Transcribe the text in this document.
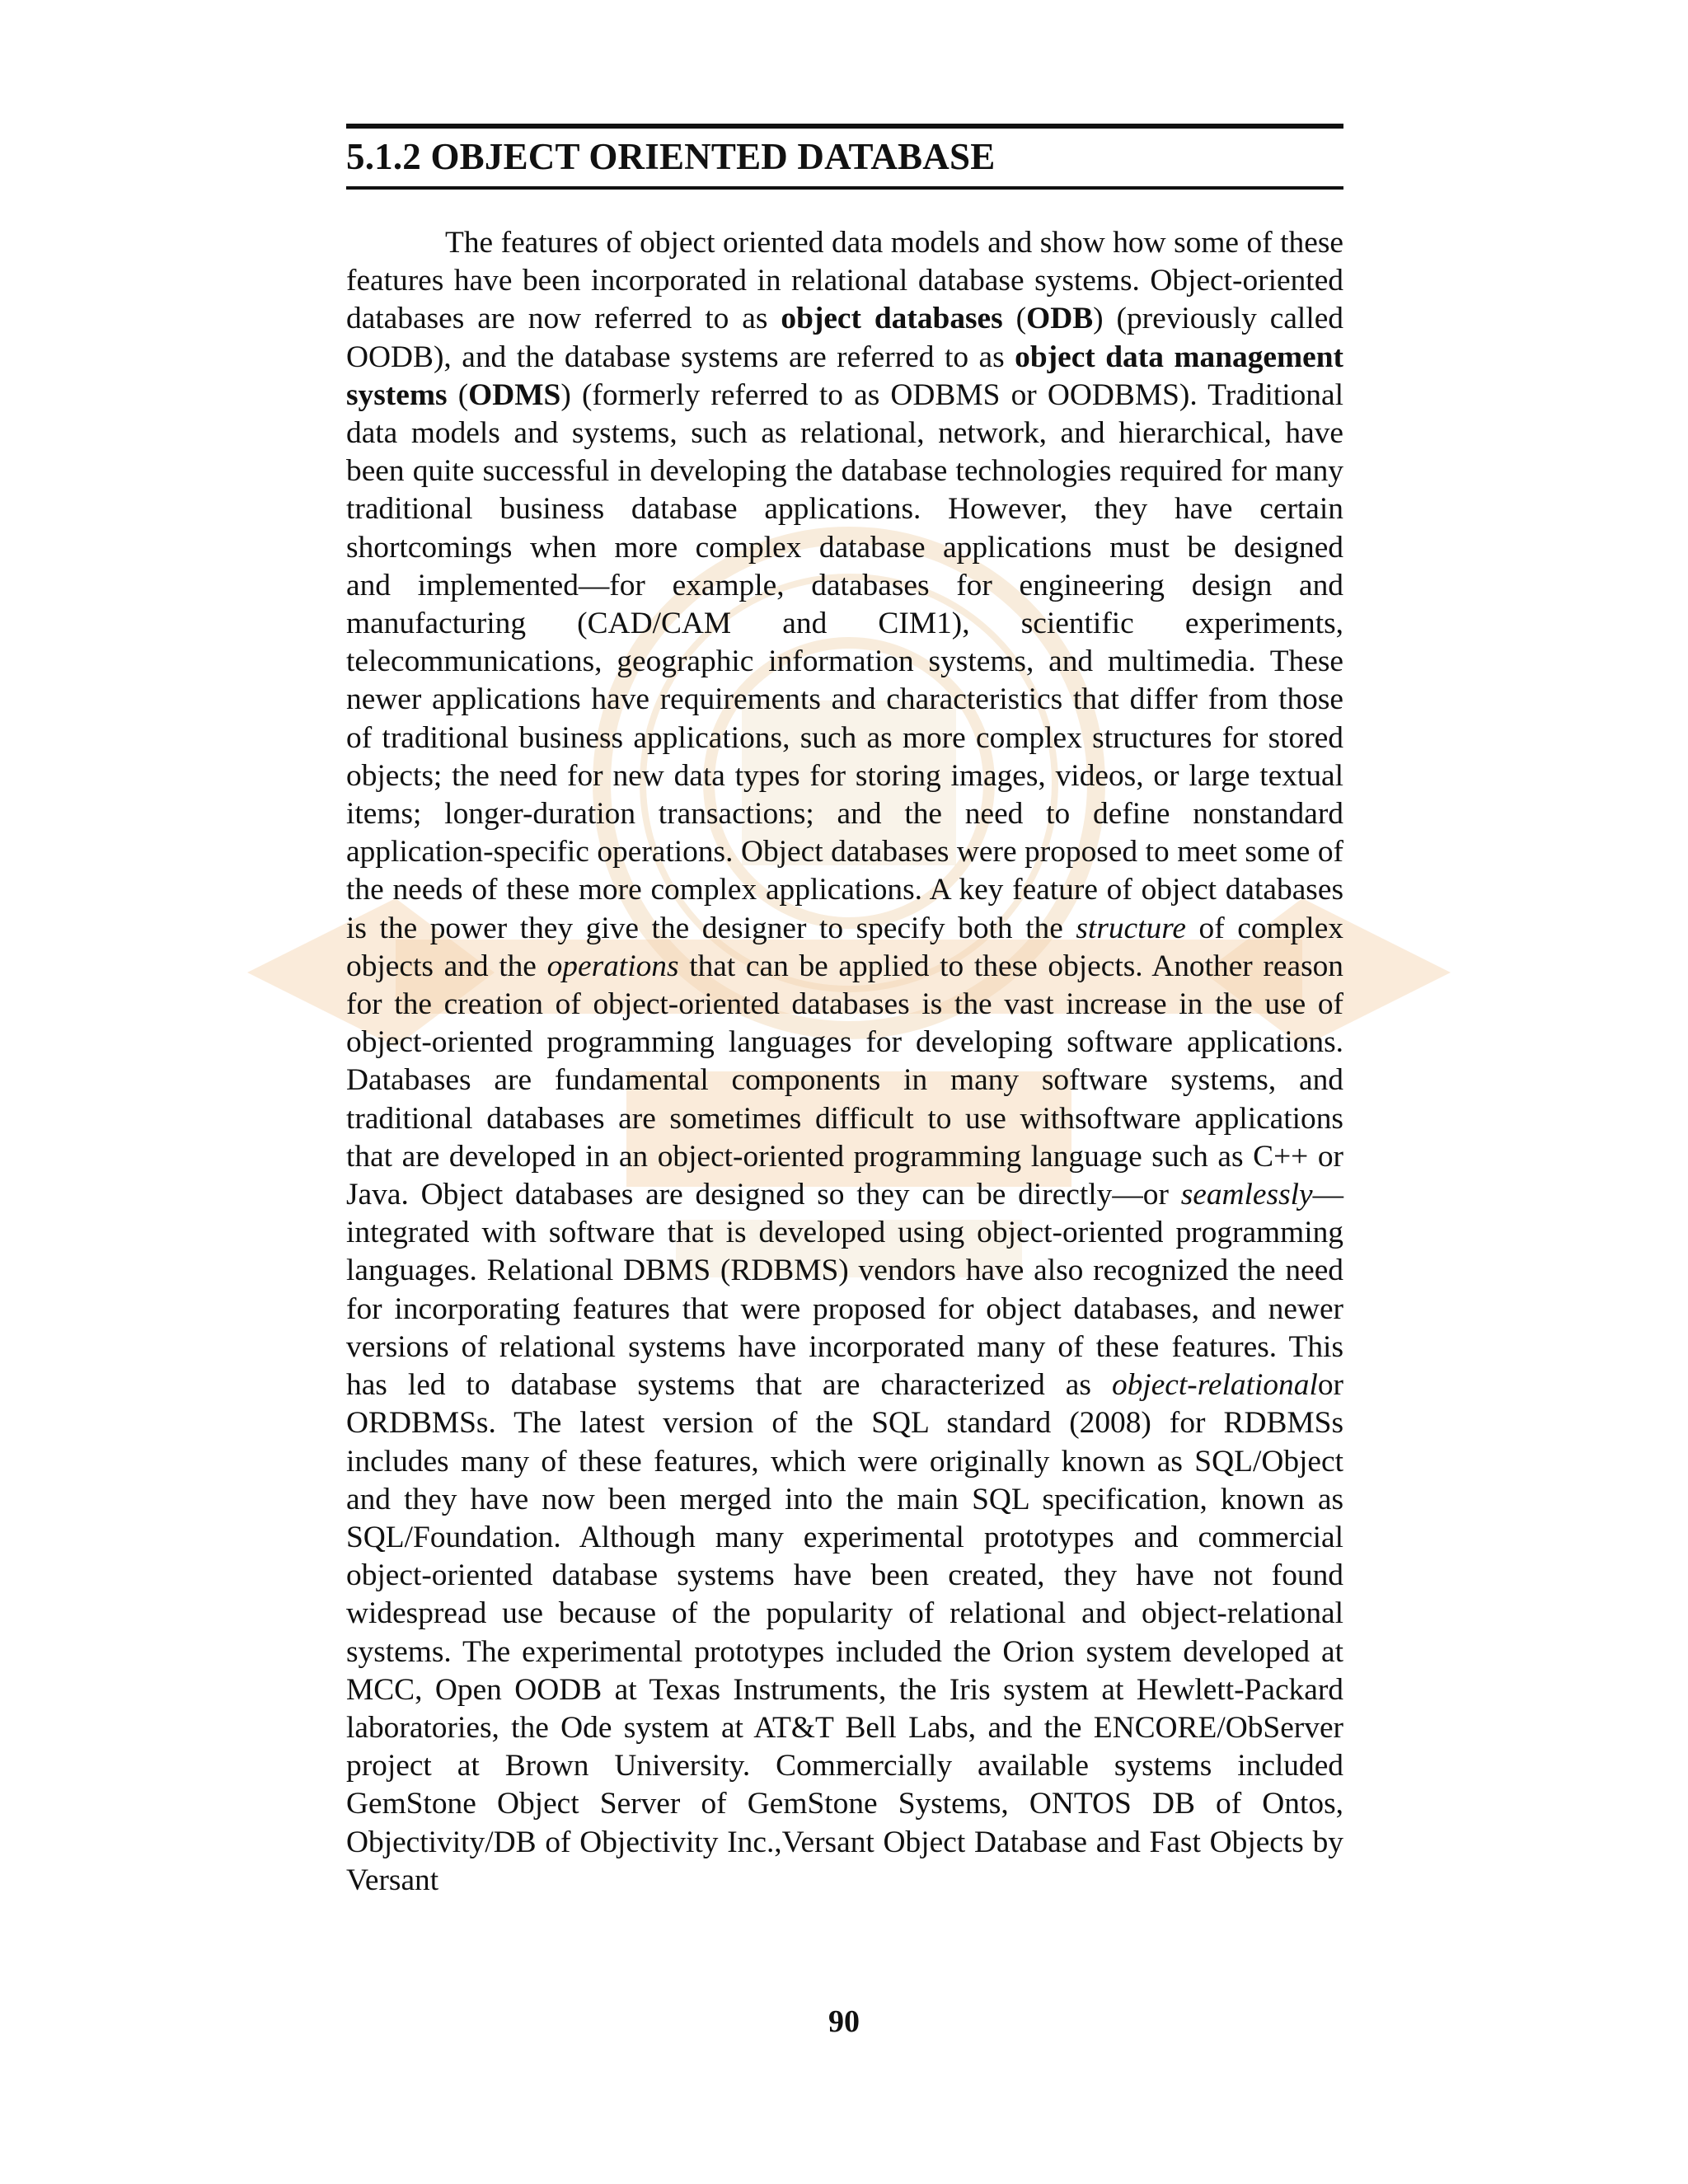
5.1.2 OBJECT ORIENTED DATABASE

The features of object oriented data models and show how some of these features have been incorporated in relational database systems. Object-oriented databases are now referred to as object databases (ODB) (previously called OODB), and the database systems are referred to as object data management systems (ODMS) (formerly referred to as ODBMS or OODBMS). Traditional data models and systems, such as relational, network, and hierarchical, have been quite successful in developing the database technologies required for many traditional business database applications. However, they have certain shortcomings when more complex database applications must be designed and implemented—for example, databases for engineering design and manufacturing (CAD/CAM and CIM1), scientific experiments, telecommunications, geographic information systems, and multimedia. These newer applications have requirements and characteristics that differ from those of traditional business applications, such as more complex structures for stored objects; the need for new data types for storing images, videos, or large textual items; longer-duration transactions; and the need to define nonstandard application-specific operations. Object databases were proposed to meet some of the needs of these more complex applications. A key feature of object databases is the power they give the designer to specify both the structure of complex objects and the operations that can be applied to these objects. Another reason for the creation of object-oriented databases is the vast increase in the use of object-oriented programming languages for developing software applications. Databases are fundamental components in many software systems, and traditional databases are sometimes difficult to use withsoftware applications that are developed in an object-oriented programming language such as C++ or Java. Object databases are designed so they can be directly—or seamlessly—integrated with software that is developed using object-oriented programming languages. Relational DBMS (RDBMS) vendors have also recognized the need for incorporating features that were proposed for object databases, and newer versions of relational systems have incorporated many of these features. This has led to database systems that are characterized as object-relationalor ORDBMSs. The latest version of the SQL standard (2008) for RDBMSs includes many of these features, which were originally known as SQL/Object and they have now been merged into the main SQL specification, known as SQL/Foundation. Although many experimental prototypes and commercial object-oriented database systems have been created, they have not found widespread use because of the popularity of relational and object-relational systems. The experimental prototypes included the Orion system developed at MCC, Open OODB at Texas Instruments, the Iris system at Hewlett-Packard laboratories, the Ode system at AT&T Bell Labs, and the ENCORE/ObServer project at Brown University. Commercially available systems included GemStone Object Server of GemStone Systems, ONTOS DB of Ontos, Objectivity/DB of Objectivity Inc.,Versant Object Database and Fast Objects by Versant

90
